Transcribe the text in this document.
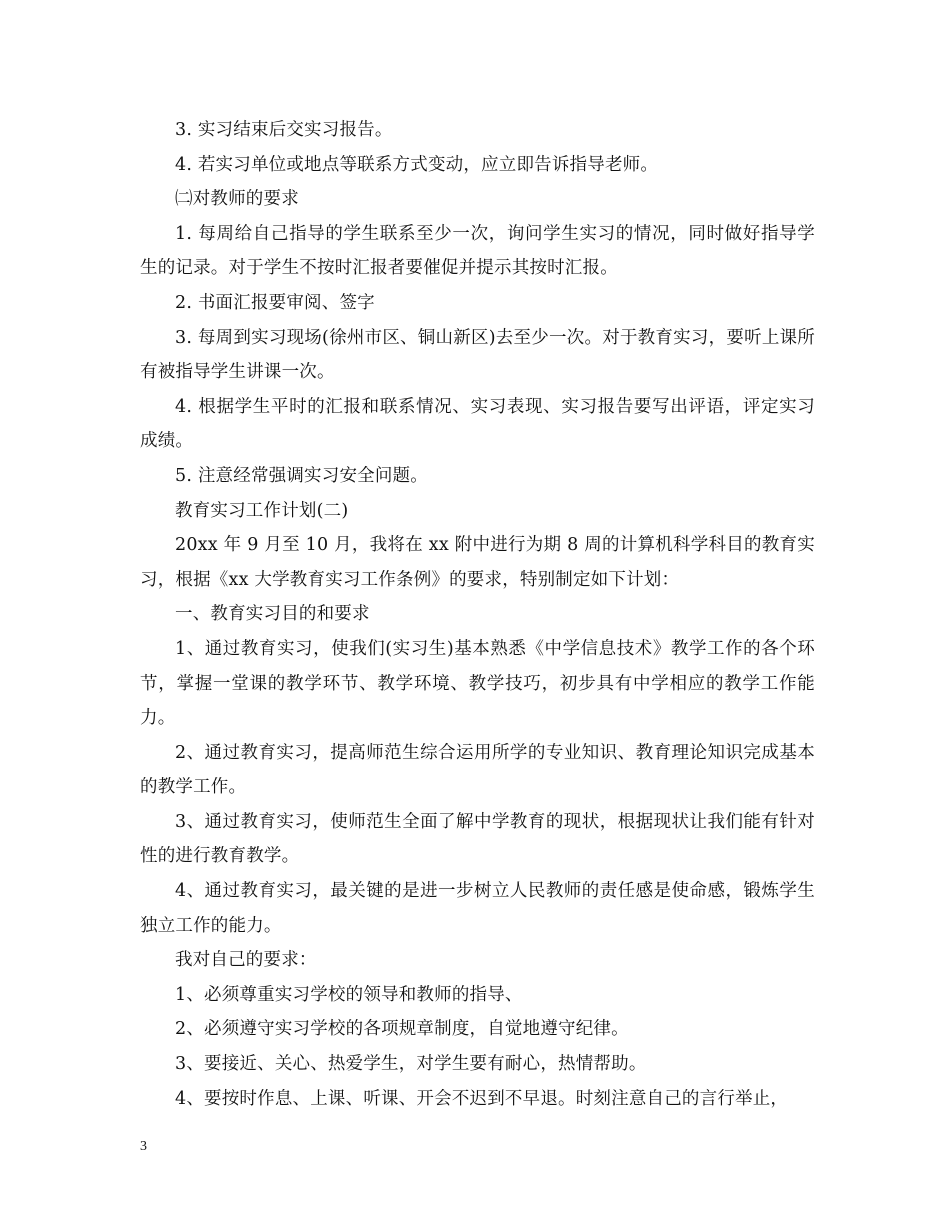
3. 实习结束后交实习报告。

4. 若实习单位或地点等联系方式变动，应立即告诉指导老师。

㈡对教师的要求

1. 每周给自己指导的学生联系至少一次，询问学生实习的情况，同时做好指导学生的记录。对于学生不按时汇报者要催促并提示其按时汇报。

2. 书面汇报要审阅、签字

3. 每周到实习现场(徐州市区、铜山新区)去至少一次。对于教育实习，要听上课所有被指导学生讲课一次。

4. 根据学生平时的汇报和联系情况、实习表现、实习报告要写出评语，评定实习成绩。

5. 注意经常强调实习安全问题。

教育实习工作计划(二)

20xx 年 9 月至 10 月，我将在 xx 附中进行为期 8 周的计算机科学科目的教育实习，根据《xx 大学教育实习工作条例》的要求，特别制定如下计划：

一、教育实习目的和要求

1、通过教育实习，使我们(实习生)基本熟悉《中学信息技术》教学工作的各个环节，掌握一堂课的教学环节、教学环境、教学技巧，初步具有中学相应的教学工作能力。

2、通过教育实习，提高师范生综合运用所学的专业知识、教育理论知识完成基本的教学工作。

3、通过教育实习，使师范生全面了解中学教育的现状，根据现状让我们能有针对性的进行教育教学。

4、通过教育实习，最关键的是进一步树立人民教师的责任感是使命感，锻炼学生独立工作的能力。

我对自己的要求：

1、必须尊重实习学校的领导和教师的指导、

2、必须遵守实习学校的各项规章制度，自觉地遵守纪律。

3、要接近、关心、热爱学生，对学生要有耐心，热情帮助。

4、要按时作息、上课、听课、开会不迟到不早退。时刻注意自己的言行举止，

3
